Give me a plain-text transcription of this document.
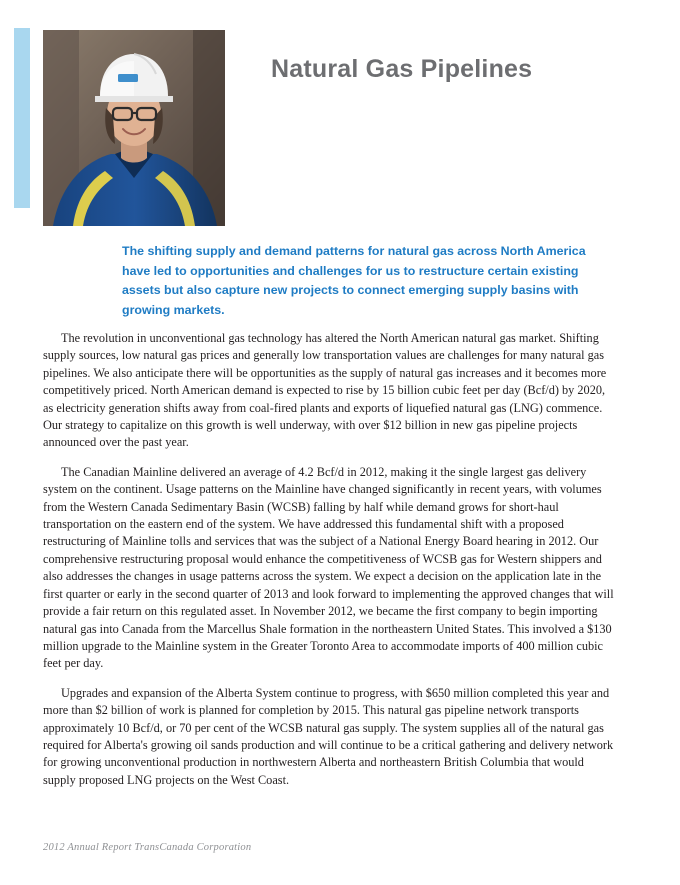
Natural Gas Pipelines
The shifting supply and demand patterns for natural gas across North America have led to opportunities and challenges for us to restructure certain existing assets but also capture new projects to connect emerging supply basins with growing markets.

The revolution in unconventional gas technology has altered the North American natural gas market. Shifting supply sources, low natural gas prices and generally low transportation values are challenges for many natural gas pipelines. We also anticipate there will be opportunities as the supply of natural gas increases and it becomes more competitively priced. North American demand is expected to rise by 15 billion cubic feet per day (Bcf/d) by 2020, as electricity generation shifts away from coal-fired plants and exports of liquefied natural gas (LNG) commence. Our strategy to capitalize on this growth is well underway, with over $12 billion in new gas pipeline projects announced over the past year.

The Canadian Mainline delivered an average of 4.2 Bcf/d in 2012, making it the single largest gas delivery system on the continent. Usage patterns on the Mainline have changed significantly in recent years, with volumes from the Western Canada Sedimentary Basin (WCSB) falling by half while demand grows for short-haul transportation on the eastern end of the system. We have addressed this fundamental shift with a proposed restructuring of Mainline tolls and services that was the subject of a National Energy Board hearing in 2012. Our comprehensive restructuring proposal would enhance the competitiveness of WCSB gas for Western shippers and also addresses the changes in usage patterns across the system. We expect a decision on the application late in the first quarter or early in the second quarter of 2013 and look forward to implementing the approved changes that will provide a fair return on this regulated asset. In November 2012, we became the first company to begin importing natural gas into Canada from the Marcellus Shale formation in the northeastern United States. This involved a $130 million upgrade to the Mainline system in the Greater Toronto Area to accommodate imports of 400 million cubic feet per day.

Upgrades and expansion of the Alberta System continue to progress, with $650 million completed this year and more than $2 billion of work is planned for completion by 2015. This natural gas pipeline network transports approximately 10 Bcf/d, or 70 per cent of the WCSB natural gas supply. The system supplies all of the natural gas required for Alberta's growing oil sands production and will continue to be a critical gathering and delivery network for growing unconventional production in northwestern Alberta and northeastern British Columbia that would supply proposed LNG projects on the West Coast.

2012 Annual Report TransCanada Corporation
